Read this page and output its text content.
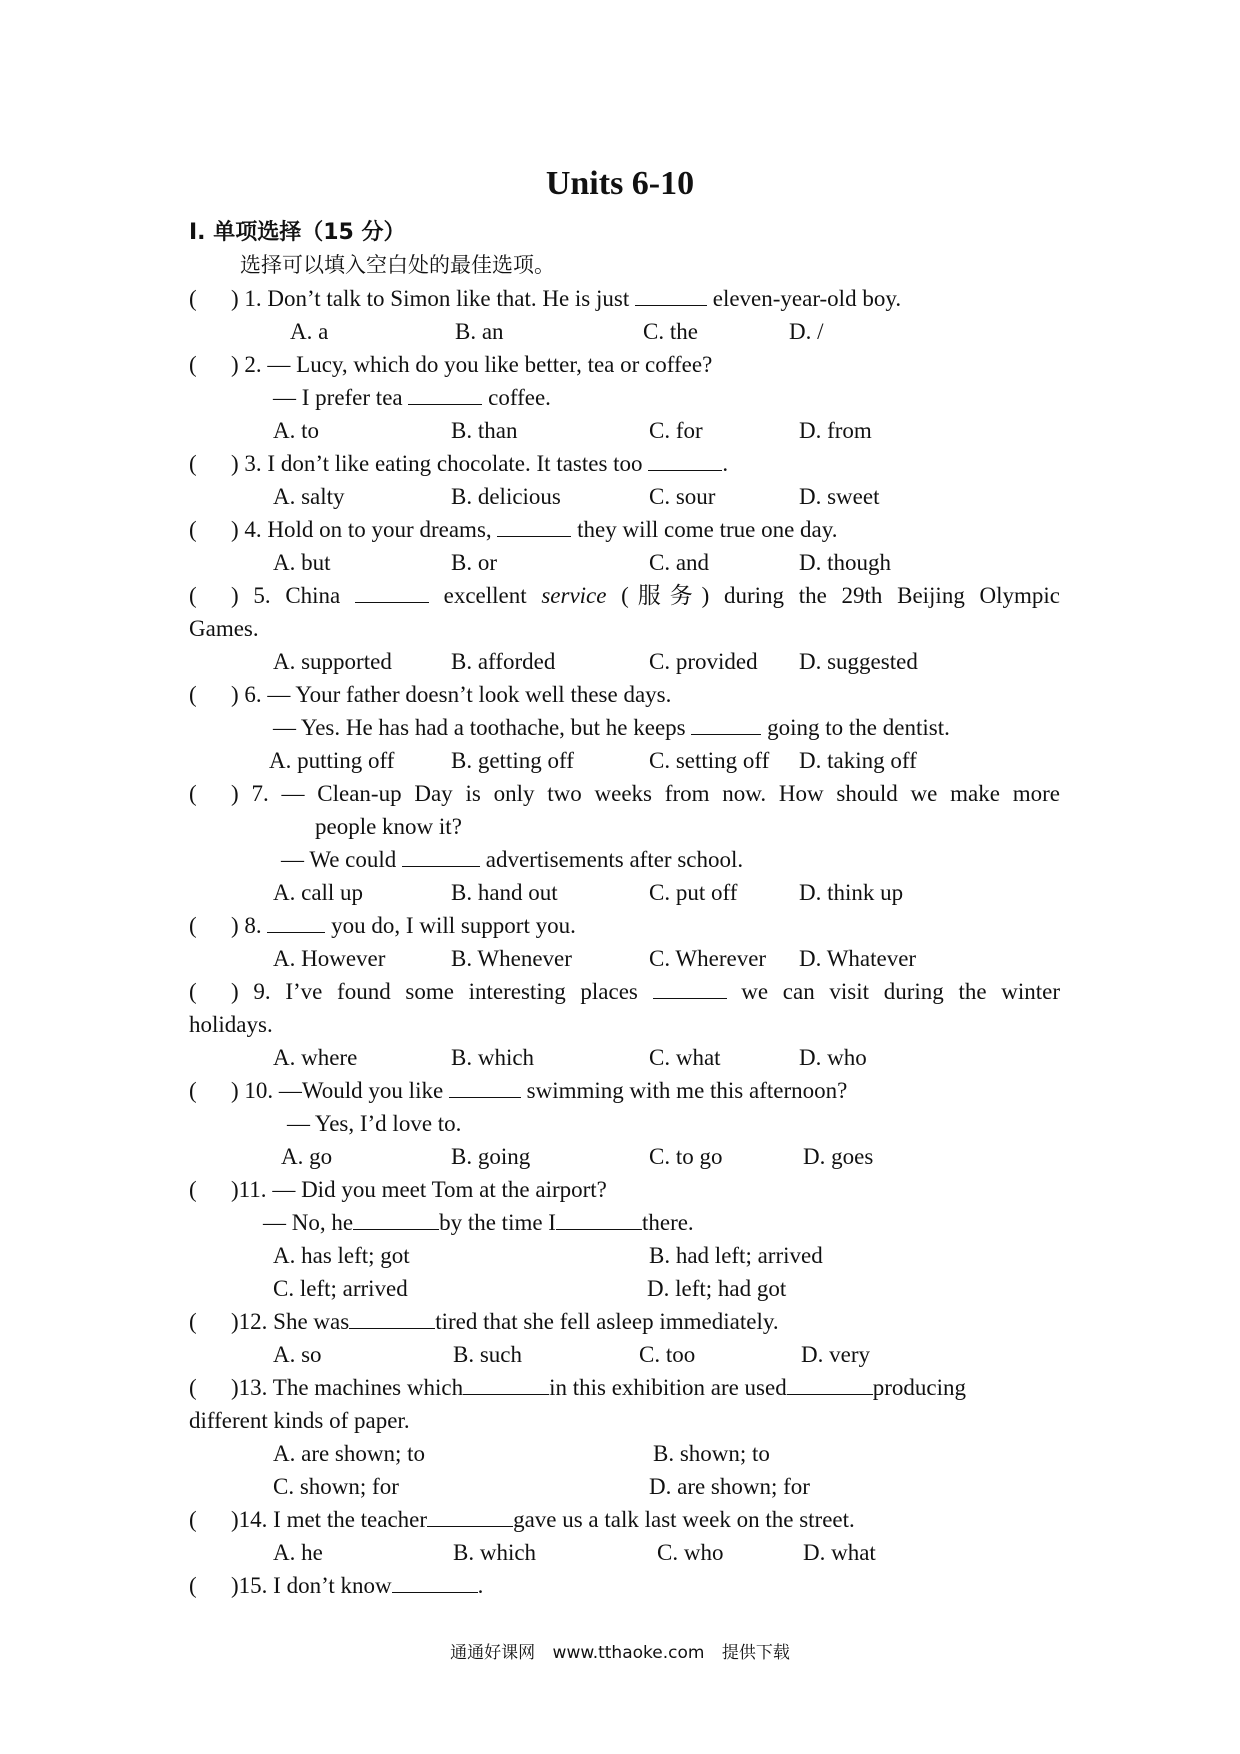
Units 6-10

Ⅰ. 单项选择（15 分）

选择可以填入空白处的最佳选项。

( ) 1. Don’t talk to Simon like that. He is just	eleven-year-old boy.

A. a	B. an	C. the	D. /

( ) 2. — Lucy, which do you like better, tea or coffee?

— I prefer tea	coffee.

A. to	B. than	C. for	D. from

( ) 3. I don’t like eating chocolate. It tastes too	.

A. salty	B. delicious	C. sour	D. sweet

( ) 4. Hold on to your dreams,	they will come true one day.

A. but	B. or	C. and	D. though

( ) 5. China	excellent service (服务) during the 29th Beijing Olympic

Games.

A. supported	B. afforded	C. provided D. suggested

( ) 6. — Your father doesn’t look well these days.

— Yes. He has had a toothache, but he keeps	going to the dentist.

A. putting off B. getting off	C. setting off D. taking off

( ) 7. — Clean-up Day is only two weeks from now. How should we make more

people know it?

— We could	advertisements after school.

A. call up	B. hand out	C. put off	D. think up

( ) 8.	you do, I will support you.

A. However	B. Whenever	C. Wherever D. Whatever

( ) 9. I’ve found some interesting places	we can visit during the winter

holidays.

A. where	B. which	C. what	D. who

( ) 10. —Would you like	swimming with me this afternoon?

— Yes, I’d love to.

A. go	B. going	C. to go	D. goes

( )11. — Did you meet Tom at the airport?

— No, he	by the time I	there.

A. has left; got	B. had left; arrived
C. left; arrived	D. left; had got

( )12. She was	tired that she fell asleep immediately.

A. so	B. such	C. too	D. very

( )13. The machines which	in this exhibition are used	producing

different kinds of paper.

A. are shown; to	B. shown; to
C. shown; for	D. are shown; for

( )14. I met the teacher	gave us a talk last week on the street.

A. he	B. which	C. who	D. what

( )15. I don’t know	.

通通好课网 www.tthaoke.com 提供下载
